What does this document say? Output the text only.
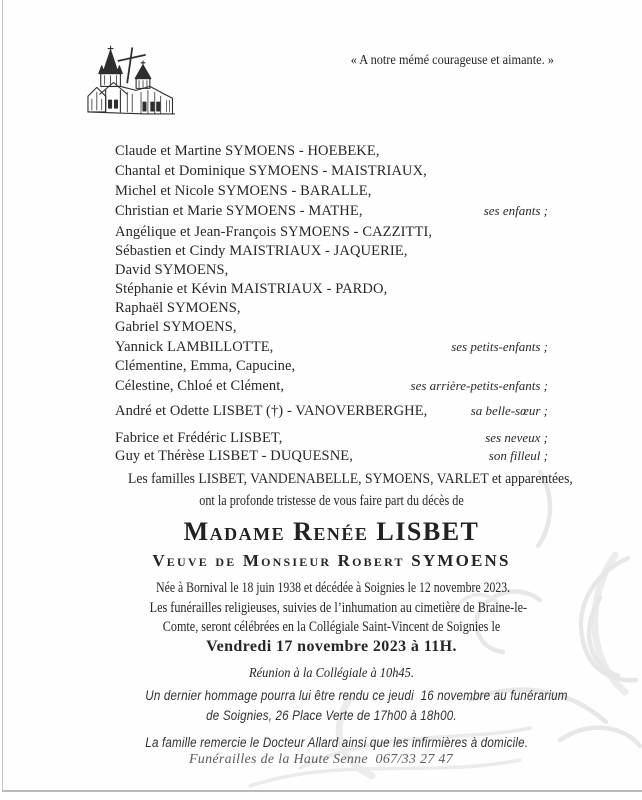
« A notre mémé courageuse et aimante. »
Claude et Martine SYMOENS - HOEBEKE,
Chantal et Dominique SYMOENS - MAISTRIAUX,
Michel et Nicole SYMOENS - BARALLE,
Christian et Marie SYMOENS - MATHE,	ses enfants ;
Angélique et Jean-François SYMOENS - CAZZITTI,
Sébastien et Cindy MAISTRIAUX - JAQUERIE,
David SYMOENS,
Stéphanie et Kévin MAISTRIAUX - PARDO,
Raphaël SYMOENS,
Gabriel SYMOENS,
Yannick LAMBILLOTTE,	ses petits-enfants ;
Clémentine, Emma, Capucine,
Célestine, Chloé et Clément,	ses arrière-petits-enfants ;
André et Odette LISBET (†) - VANOVERBERGHE,	sa belle-sœur ;
Fabrice et Frédéric LISBET,	ses neveux ;
Guy et Thérèse LISBET - DUQUESNE,	son filleul ;
Les familles LISBET, VANDENABELLE, SYMOENS, VARLET et apparentées,
ont la profonde tristesse de vous faire part du décès de
Madame Renée LISBET
Veuve de Monsieur Robert SYMOENS
Née à Bornival le 18 juin 1938 et décédée à Soignies le 12 novembre 2023.
Les funérailles religieuses, suivies de l’inhumation au cimetière de Braine-le-
Comte, seront célébrées en la Collégiale Saint-Vincent de Soignies le
Vendredi 17 novembre 2023 à 11H.
Réunion à la Collégiale à 10h45.
Un dernier hommage pourra lui être rendu ce jeudi  16 novembre au funérarium
de Soignies, 26 Place Verte de 17h00 à 18h00.
La famille remercie le Docteur Allard ainsi que les infirmières à domicile.
Funérailles de la Haute Senne  067/33 27 47
